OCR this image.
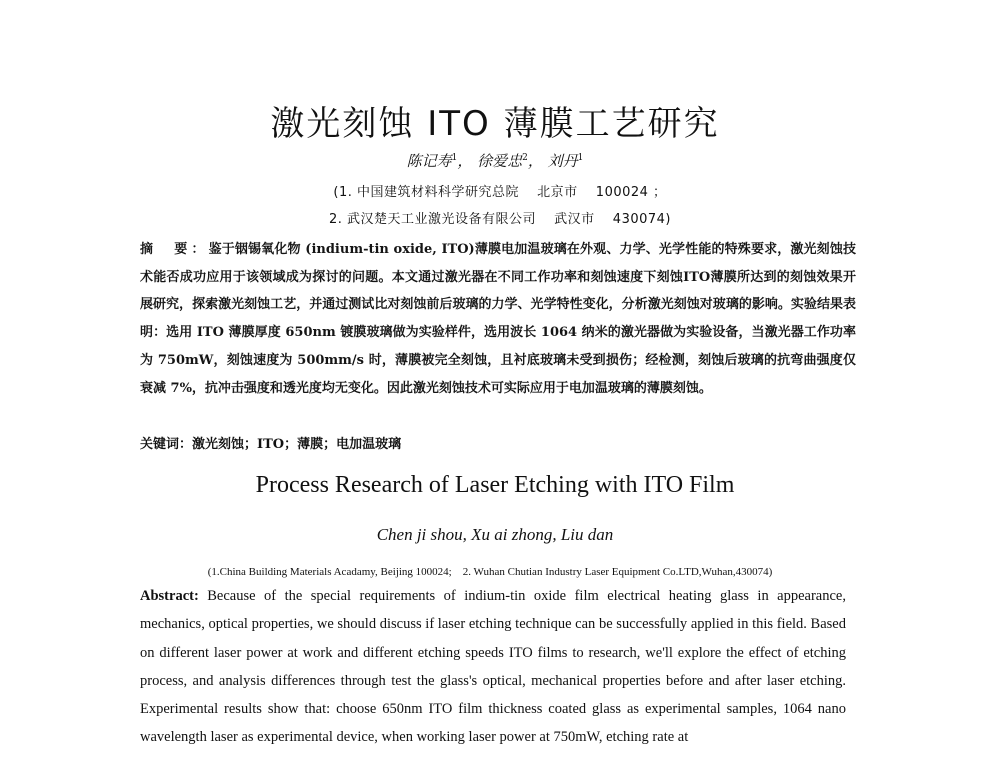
激光刻蚀 ITO 薄膜工艺研究
陈记寿$^1$， 徐爱忠$^2$， 刘丹$^1$
(1. 中国建筑材料科学研究总院　 北京市　 100024 ；
2. 武汉楚天工业激光设备有限公司　 武汉市　 430074)
摘　要：鉴于铟锡氧化物 (indium-tin oxide, ITO)薄膜电加温玻璃在外观、力学、光学性能的特殊要求，激光刻蚀技术能否成功应用于该领域成为探讨的问题。本文通过激光器在不同工作功率和刻蚀速度下刻蚀ITO薄膜所达到的刻蚀效果开展研究，探索激光刻蚀工艺，并通过测试比对刻蚀前后玻璃的力学、光学特性变化，分析激光刻蚀对玻璃的影响。实验结果表明：选用 ITO 薄膜厚度 650nm 镀膜玻璃做为实验样件，选用波长 1064 纳米的激光器做为实验设备，当激光器工作功率为 750mW，刻蚀速度为 500mm/s 时，薄膜被完全刻蚀，且衬底玻璃未受到损伤；经检测，刻蚀后玻璃的抗弯曲强度仅衰减 7%，抗冲击强度和透光度均无变化。因此激光刻蚀技术可实际应用于电加温玻璃的薄膜刻蚀。
关键词：激光刻蚀；ITO；薄膜；电加温玻璃
Process Research of Laser Etching with ITO Film
Chen ji shou, Xu ai zhong, Liu dan
(1.China Building Materials Acadamy, Beijing 100024;　2. Wuhan Chutian Industry Laser Equipment Co.LTD,Wuhan,430074)
Abstract: Because of the special requirements of indium-tin oxide film electrical heating glass in appearance, mechanics, optical properties, we should discuss if laser etching technique can be successfully applied in this field. Based on different laser power at work and different etching speeds ITO films to research, we'll explore the effect of etching process, and analysis differences through test the glass's optical, mechanical properties before and after laser etching. Experimental results show that: choose 650nm ITO film thickness coated glass as experimental samples, 1064 nano wavelength laser as experimental device, when working laser power at 750mW, etching rate at
